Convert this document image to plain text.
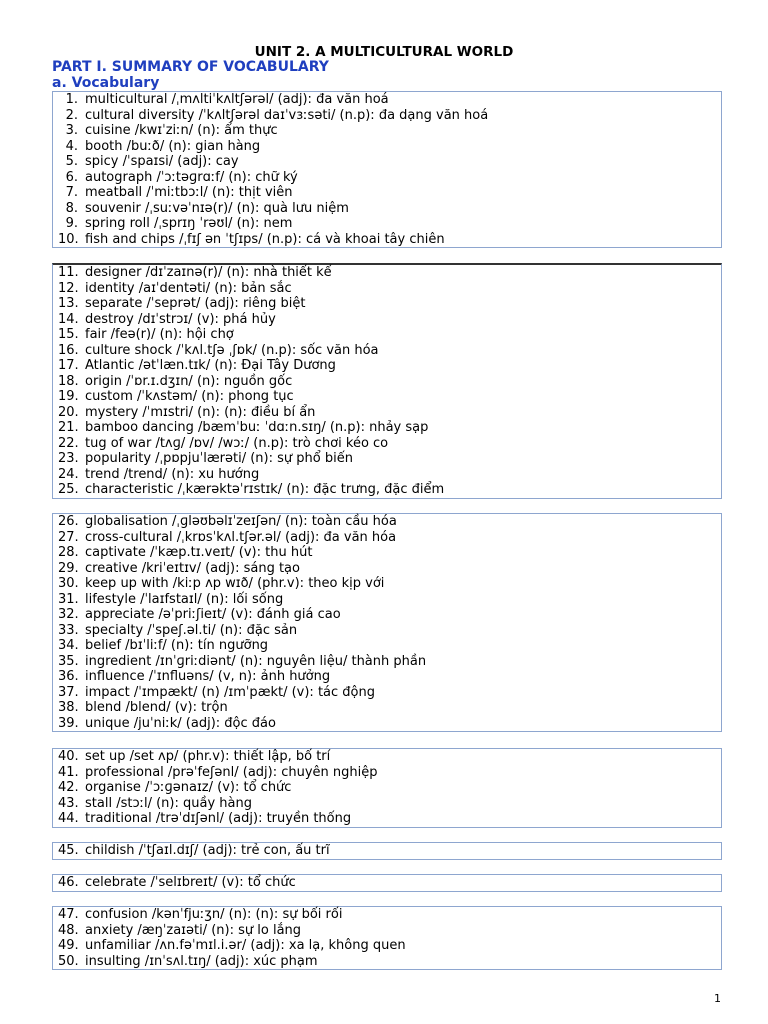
UNIT 2. A MULTICULTURAL WORLD
PART I. SUMMARY OF VOCABULARY
a. Vocabulary
1. multicultural /ˌmʌltiˈkʌltʃərəl/ (adj): đa văn hoá
2. cultural diversity /ˈkʌltʃərəl daɪˈvɜːsəti/ (n.p): đa dạng văn hoá
3. cuisine /kwɪˈziːn/ (n): ẩm thực
4. booth /buːð/ (n): gian hàng
5. spicy /ˈspaɪsi/ (adj): cay
6. autograph /ˈɔːtəɡrɑːf/ (n): chữ ký
7. meatball /ˈmiːtbɔːl/ (n): thịt viên
8. souvenir /ˌsuːvəˈnɪə(r)/ (n): quà lưu niệm
9. spring roll /ˌsprɪŋ ˈrəʊl/ (n): nem
10. fish and chips /ˌfɪʃ ən ˈtʃɪps/ (n.p): cá và khoai tây chiên
11. designer /dɪˈzaɪnə(r)/ (n): nhà thiết kế
12. identity /aɪˈdentəti/ (n): bản sắc
13. separate /ˈseprət/ (adj): riêng biệt
14. destroy /dɪˈstrɔɪ/ (v): phá hủy
15. fair /feə(r)/ (n): hội chợ
16. culture shock /ˈkʌl.tʃə ˌʃɒk/ (n.p): sốc văn hóa
17. Atlantic /ətˈlæn.tɪk/ (n): Đại Tây Dương
18. origin /ˈɒr.ɪ.dʒɪn/ (n): nguồn gốc
19. custom /ˈkʌstəm/ (n): phong tục
20. mystery /ˈmɪstri/ (n): (n): điều bí ẩn
21. bamboo dancing /bæmˈbuː ˈdɑːn.sɪŋ/ (n.p): nhảy sạp
22. tug of war /tʌɡ/ /ɒv/ /wɔː/ (n.p): trò chơi kéo co
23. popularity /ˌpɒpjuˈlærəti/ (n): sự phổ biến
24. trend /trend/ (n): xu hướng
25. characteristic /ˌkærəktəˈrɪstɪk/ (n): đặc trưng, đặc điểm
26. globalisation /ˌɡləʊbəlɪˈzeɪʃən/ (n): toàn cầu hóa
27. cross-cultural /ˌkrɒsˈkʌl.tʃər.əl/ (adj): đa văn hóa
28. captivate /ˈkæp.tɪ.veɪt/ (v): thu hút
29. creative /kriˈeɪtɪv/ (adj): sáng tạo
30. keep up with /kiːp ʌp wɪð/ (phr.v): theo kịp với
31. lifestyle /ˈlaɪfstaɪl/ (n): lối sống
32. appreciate /əˈpriːʃieɪt/ (v): đánh giá cao
33. specialty /ˈspeʃ.əl.ti/ (n): đặc sản
34. belief /bɪˈliːf/ (n): tín ngưỡng
35. ingredient /ɪnˈɡriːdiənt/ (n): nguyên liệu/ thành phần
36. influence /ˈɪnfluəns/ (v, n): ảnh hưởng
37. impact /ˈɪmpækt/ (n) /ɪmˈpækt/ (v): tác động
38. blend /blend/ (v): trộn
39. unique /juˈniːk/ (adj): độc đáo
40. set up /set ʌp/ (phr.v): thiết lập, bố trí
41. professional /prəˈfeʃənl/ (adj): chuyên nghiệp
42. organise /ˈɔːɡənaɪz/ (v): tổ chức
43. stall /stɔːl/ (n): quầy hàng
44. traditional /trəˈdɪʃənl/ (adj): truyền thống
45. childish /ˈtʃaɪl.dɪʃ/ (adj): trẻ con, ấu trĩ
46. celebrate /ˈselɪbreɪt/ (v): tổ chức
47. confusion /kənˈfjuːʒn/ (n): (n): sự bối rối
48. anxiety /æŋˈzaɪəti/ (n): sự lo lắng
49. unfamiliar /ʌn.fəˈmɪl.i.ər/ (adj): xa lạ, không quen
50. insulting /ɪnˈsʌl.tɪŋ/ (adj): xúc phạm
1
